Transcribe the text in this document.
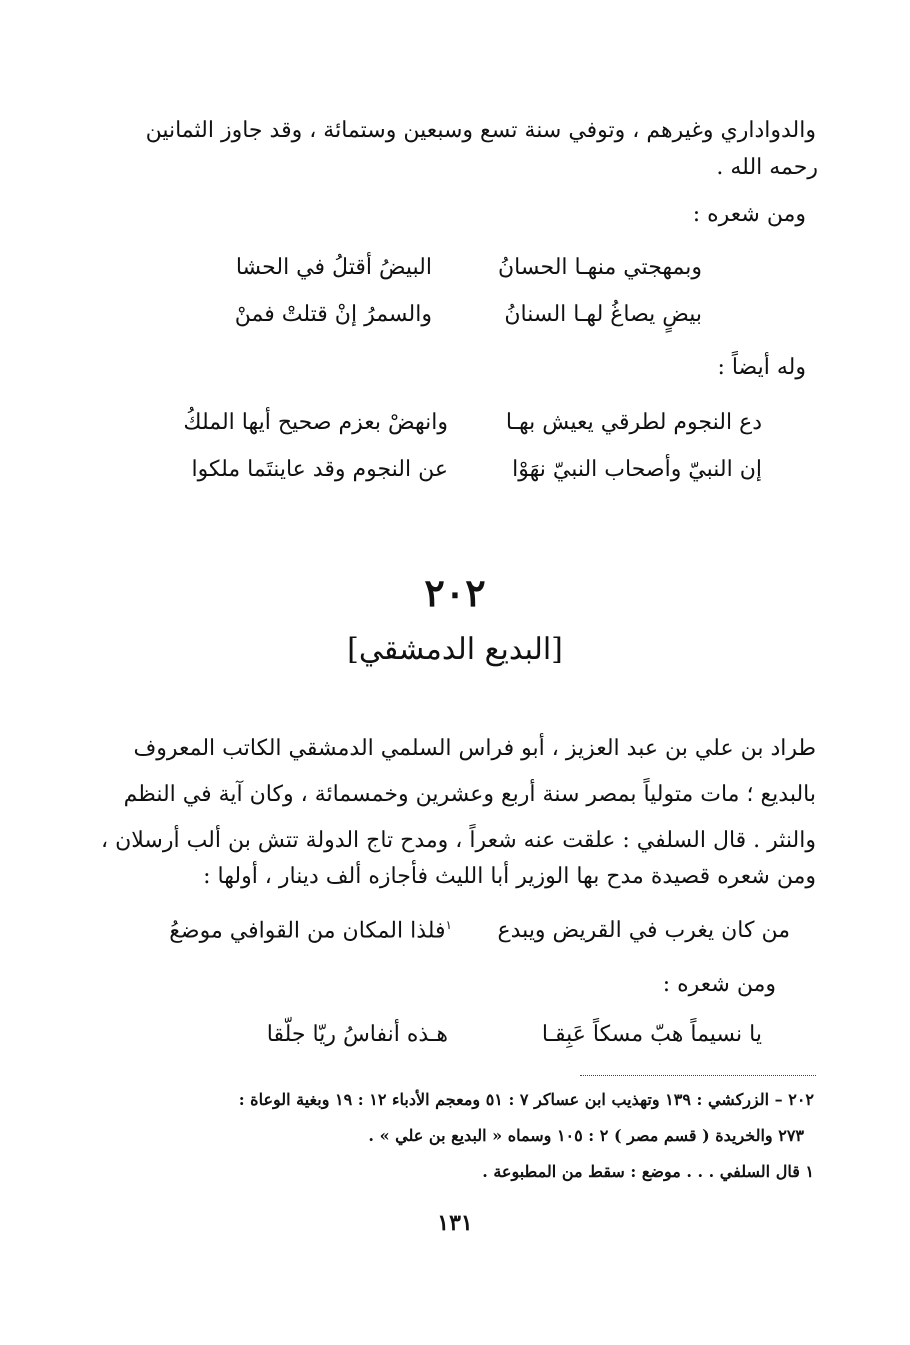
والدواداري وغيرهم ، وتوفي سنة تسع وسبعين وستمائة ، وقد جاوز الثمانين
رحمه الله .
ومن شعره :
البيضُ أقتلُ في الحشا	وبمهجتي منهـا الحسانُ
والسمرُ إنْ قتلتْ فمنْ	بيضٍ يصاغُ لهـا السنانُ
وله أيضاً :
دع النجوم لطرقي يعيش بهـا
وانهضْ بعزم صحيح أيها الملكُ
إن النبيّ وأصحاب النبيّ نهَوْا
عن النجوم وقد عاينتَما ملكوا
٢٠٢
[البديع الدمشقي]
طراد بن علي بن عبد العزيز ، أبو فراس السلمي الدمشقي الكاتب المعروف
بالبديع ؛ مات متولياً بمصر سنة أربع وعشرين وخمسمائة ، وكان آية في النظم
والنثر . قال السلفي : علقت عنه شعراً ، ومدح تاج الدولة تتش بن ألب أرسلان ،
ومن شعره قصيدة مدح بها الوزير أبا الليث فأجازه ألف دينار ، أولها :
من كان يغرب في القريض ويبدع
$^١$فلذا المكان من القوافي موضعُ
ومن شعره :
يا نسيماً هبّ مسكاً عَبِقـا
هـذه أنفاسُ ريّا جلّقا
٢٠٢ – الزركشي : ١٣٩ وتهذيب ابن عساكر ٧ : ٥١ ومعجم الأدباء ١٢ : ١٩ وبغية الوعاة :
٢٧٣ والخريدة ( قسم مصر ) ٢ : ١٠٥ وسماه « البديع بن علي » .
١ قال السلفي . . . موضع : سقط من المطبوعة .
١٣١
